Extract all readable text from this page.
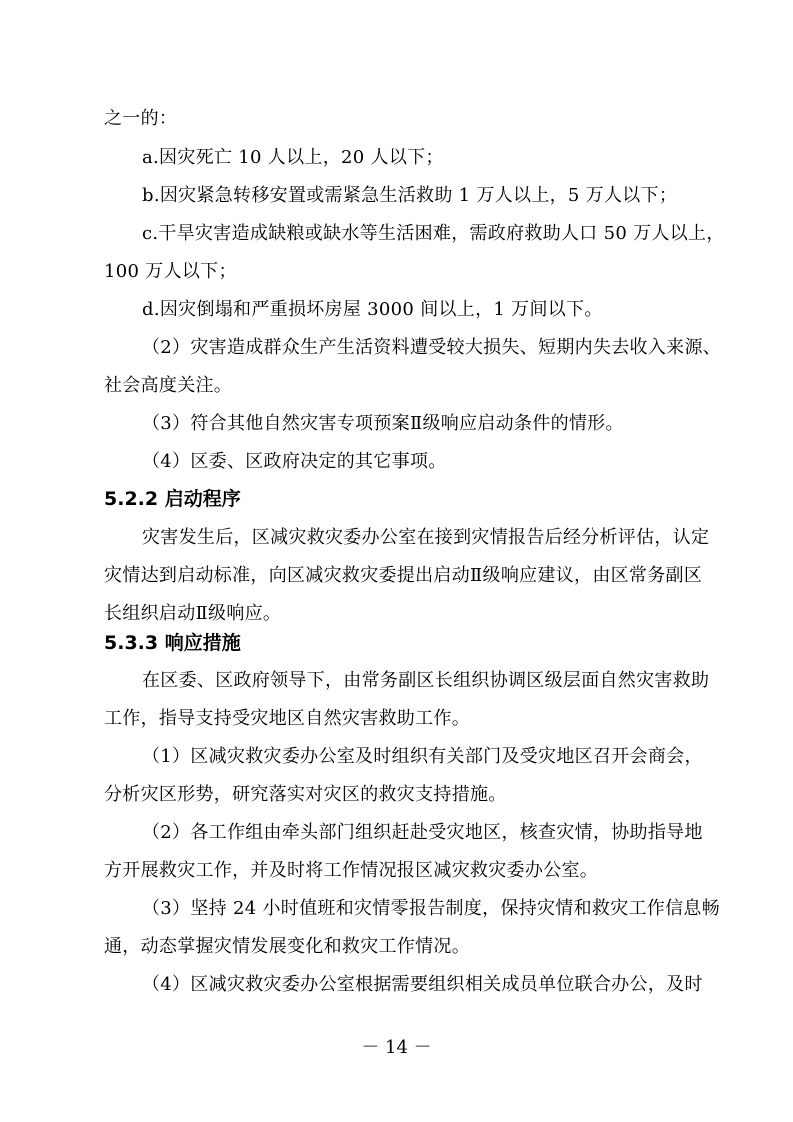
之一的：
a.因灾死亡 10 人以上，20 人以下；
b.因灾紧急转移安置或需紧急生活救助 1 万人以上，5 万人以下；
c.干旱灾害造成缺粮或缺水等生活困难，需政府救助人口 50 万人以上，
100 万人以下；
d.因灾倒塌和严重损坏房屋 3000 间以上，1 万间以下。
（2）灾害造成群众生产生活资料遭受较大损失、短期内失去收入来源、
社会高度关注。
（3）符合其他自然灾害专项预案Ⅱ级响应启动条件的情形。
（4）区委、区政府决定的其它事项。
5.2.2 启动程序
灾害发生后，区减灾救灾委办公室在接到灾情报告后经分析评估，认定
灾情达到启动标准，向区减灾救灾委提出启动Ⅱ级响应建议，由区常务副区
长组织启动Ⅱ级响应。
5.3.3 响应措施
在区委、区政府领导下，由常务副区长组织协调区级层面自然灾害救助
工作，指导支持受灾地区自然灾害救助工作。
（1）区减灾救灾委办公室及时组织有关部门及受灾地区召开会商会，
分析灾区形势，研究落实对灾区的救灾支持措施。
（2）各工作组由牵头部门组织赶赴受灾地区，核查灾情，协助指导地
方开展救灾工作，并及时将工作情况报区减灾救灾委办公室。
（3）坚持 24 小时值班和灾情零报告制度，保持灾情和救灾工作信息畅
通，动态掌握灾情发展变化和救灾工作情况。
（4）区减灾救灾委办公室根据需要组织相关成员单位联合办公，及时
－ 14 －
